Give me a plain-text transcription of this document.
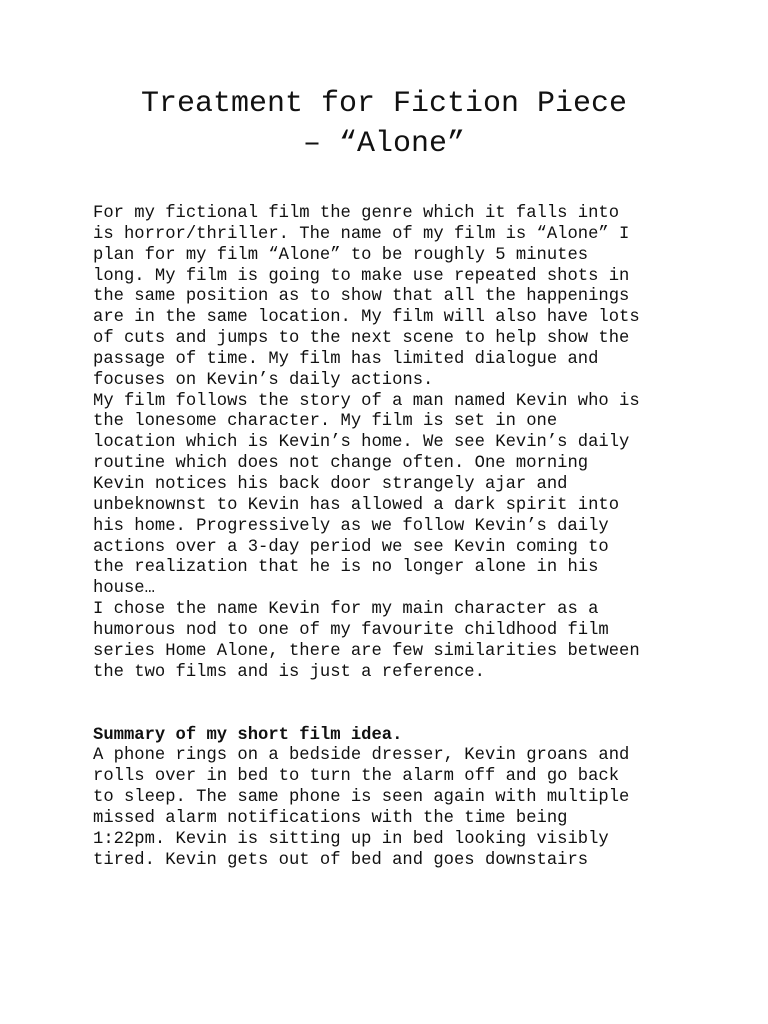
Treatment for Fiction Piece
– “Alone”

For my fictional film the genre which it falls into
is horror/thriller. The name of my film is “Alone” I
plan for my film “Alone” to be roughly 5 minutes
long. My film is going to make use repeated shots in
the same position as to show that all the happenings
are in the same location. My film will also have lots
of cuts and jumps to the next scene to help show the
passage of time. My film has limited dialogue and
focuses on Kevin’s daily actions.

My film follows the story of a man named Kevin who is
the lonesome character. My film is set in one
location which is Kevin’s home. We see Kevin’s daily
routine which does not change often. One morning
Kevin notices his back door strangely ajar and
unbeknownst to Kevin has allowed a dark spirit into
his home. Progressively as we follow Kevin’s daily
actions over a 3-day period we see Kevin coming to
the realization that he is no longer alone in his
house…

I chose the name Kevin for my main character as a
humorous nod to one of my favourite childhood film
series Home Alone, there are few similarities between
the two films and is just a reference.

Summary of my short film idea.

A phone rings on a bedside dresser, Kevin groans and
rolls over in bed to turn the alarm off and go back
to sleep. The same phone is seen again with multiple
missed alarm notifications with the time being
1:22pm. Kevin is sitting up in bed looking visibly
tired. Kevin gets out of bed and goes downstairs
